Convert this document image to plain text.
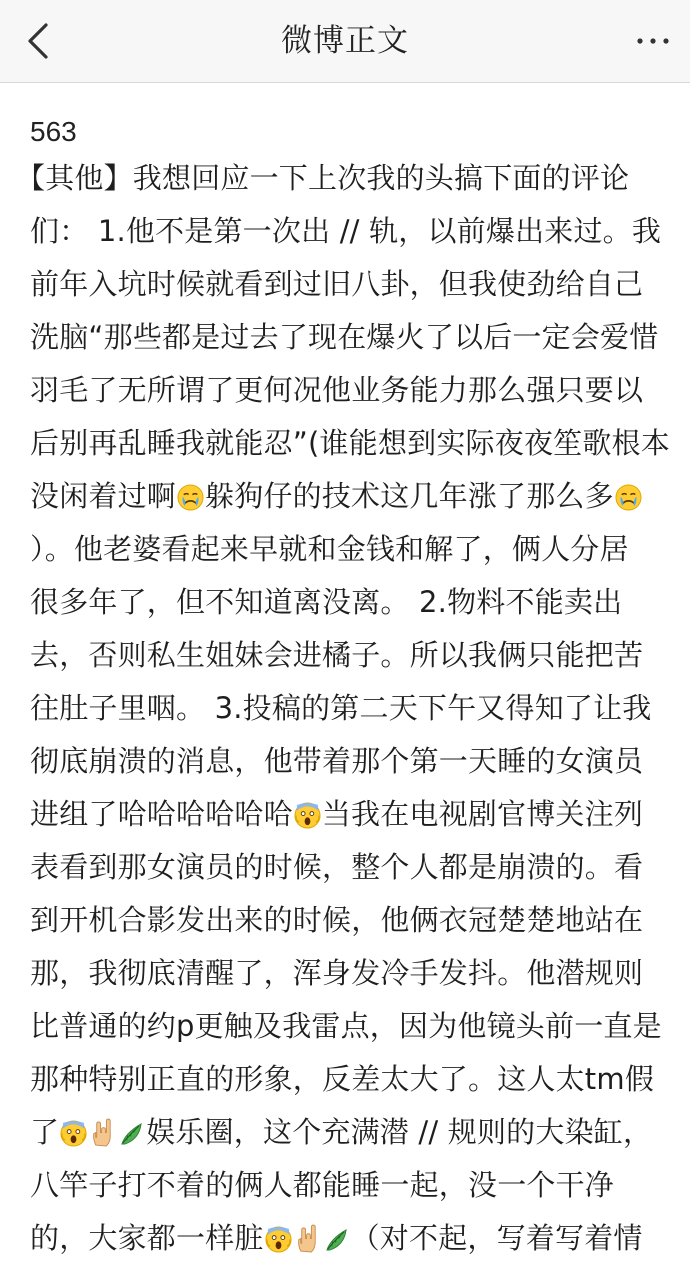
微博正文
563
【其他】我想回应一下上次我的头搞下面的评论
们： 1.他不是第一次出 // 轨，以前爆出来过。我
前年入坑时候就看到过旧八卦，但我使劲给自己
洗脑“那些都是过去了现在爆火了以后一定会爱惜
羽毛了无所谓了更何况他业务能力那么强只要以
后别再乱睡我就能忍”(谁能想到实际夜夜笙歌根本
没闲着过啊 躲狗仔的技术这几年涨了那么多
）。他老婆看起来早就和金钱和解了，俩人分居
很多年了，但不知道离没离。 2.物料不能卖出
去，否则私生姐妹会进橘子。所以我俩只能把苦
往肚子里咽。 3.投稿的第二天下午又得知了让我
彻底崩溃的消息，他带着那个第一天睡的女演员
进组了哈哈哈哈哈哈 当我在电视剧官博关注列
表看到那女演员的时候，整个人都是崩溃的。看
到开机合影发出来的时候，他俩衣冠楚楚地站在
那，我彻底清醒了，浑身发冷手发抖。他潜规则
比普通的约p更触及我雷点，因为他镜头前一直是
那种特别正直的形象，反差太大了。这人太tm假
了	娱乐圈，这个充满潜 // 规则的大染缸，
八竿子打不着的俩人都能睡一起，没一个干净
的，大家都一样脏	（对不起，写着写着情
